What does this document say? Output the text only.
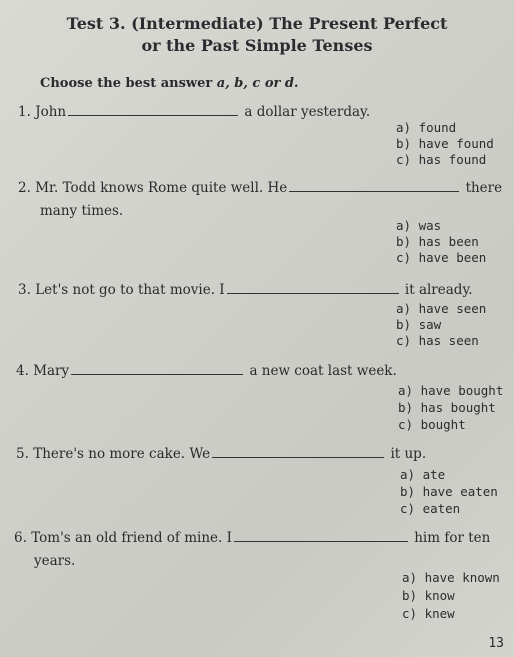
Test 3. (Intermediate) The Present Perfect
or the Past Simple Tenses
Choose the best answer a, b, c or d.
1. John	a dollar yesterday.
a) found
b) have found
c) has found
2. Mr. Todd knows Rome quite well. He	there
many times.
a) was
b) has been
c) have been
3. Let's not go to that movie. I	it already.
a) have seen
b) saw
c) has seen
4. Mary	a new coat last week.
a) have bought
b) has bought
c) bought
5. There's no more cake. We	it up.
a) ate
b) have eaten
c) eaten
6. Tom's an old friend of mine. I	him for ten
years.
a) have known
b) know
c) knew
13
